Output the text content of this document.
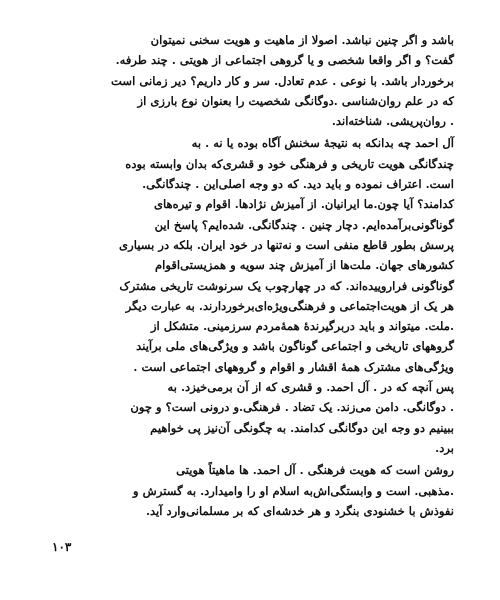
باشد و اگر چنین نباشد. اصولا از ماهیت و هویت سخنی نمیتوان
گفت؟ و اگر واقعا شخصی و یا گروهی اجتماعی از هویتی . چند طرفه.
برخوردار باشد. با نوعی . عدم تعادل. سر و کار داریم؟ دیر زمانی است
که در علم روان‌شناسی .دوگانگی شخصیت را بعنوان نوع بارزی از
. روان‌پریشی. شناخته‌اند.
آل احمد چه بدانکه به نتیجهٔ سخنش آگاه بوده یا نه . به
چندگانگی هویت تاریخی و فرهنگی خود و قشری‌که بدان وابسته بوده
است. اعتراف نموده و باید دید. که دو وجه اصلی‌این . چندگانگی.
کدامند؟ آیا چون.ما ایرانیان. از آمیزش نژادها. اقوام و تیره‌های
گوناگونی‌برآمده‌ایم. دچار چنین . چندگانگی. شده‌ایم؟ پاسخ این
پرسش بطور قاطع منفی است و نه‌تنها در خود ایران. بلکه در بسیاری
کشورهای جهان. ملت‌ها از آمیزش چند سویه و همزیستی‌اقوام
گوناگونی فراروییده‌اند. که در چهارچوب یک سرنوشت تاریخی مشترک
هر یک از هویت‌اجتماعی و فرهنگی‌ویژه‌ای‌برخوردارند. به عبارت دیگر
.ملت. میتواند و باید دربرگیرندهٔ همهٔ‌مردم سرزمینی. متشکل از
گروههای تاریخی و اجتماعی گوناگون باشد و ویژگی‌های ملی برآیند
ویژگی‌های مشترک همهٔ اقشار و اقوام و گروههای اجتماعی است .
پس آنچه که در . آل احمد. و قشری که از آن برمی‌خیزد. به
. دوگانگی. دامن می‌زند. یک تضاد . فرهنگی.و درونی است؟ و چون
ببینیم دو وجه این دوگانگی کدامند. به چگونگی آن‌نیز پی خواهیم
برد.
روشن است که هویت فرهنگی . آل احمد. ها ماهیتاً هویتی
.مذهبی. است و وابستگی‌اش‌به اسلام او را وامیدارد. به گسترش و
نفوذش با خشنودی بنگرد و هر خدشه‌ای که بر مسلمانی‌وارد آید.
۱۰۳
